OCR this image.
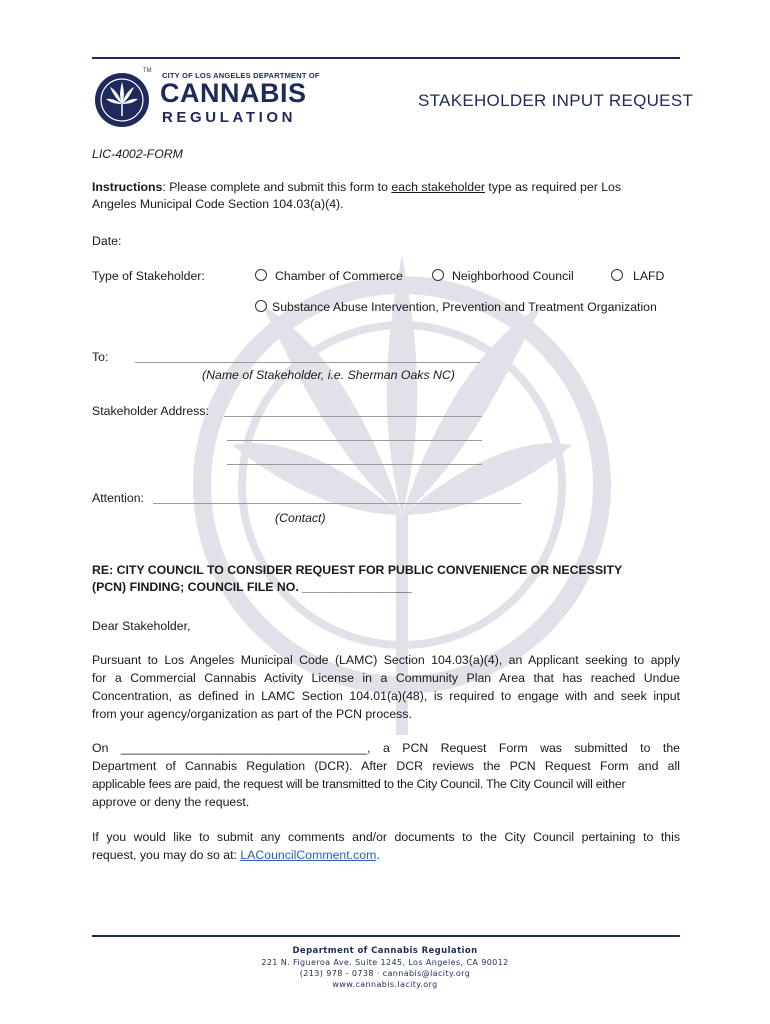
TM CITY OF LOS ANGELES DEPARTMENT OF
CANNABIS
REGULATION
STAKEHOLDER INPUT REQUEST
LIC-4002-FORM
Instructions: Please complete and submit this form to each stakeholder type as required per Los
Angeles Municipal Code Section 104.03(a)(4).
Date:
Type of Stakeholder:	Chamber of Commerce	Neighborhood Council	LAFD
Substance Abuse Intervention, Prevention and Treatment Organization
To:
(Name of Stakeholder, i.e. Sherman Oaks NC)
Stakeholder Address:
Attention:
(Contact)
RE: CITY COUNCIL TO CONSIDER REQUEST FOR PUBLIC CONVENIENCE OR NECESSITY
(PCN) FINDING; COUNCIL FILE NO. ________________
Dear Stakeholder,
Pursuant to Los Angeles Municipal Code (LAMC) Section 104.03(a)(4), an Applicant seeking to apply
for a Commercial Cannabis Activity License in a Community Plan Area that has reached Undue
Concentration, as defined in LAMC Section 104.01(a)(48), is required to engage with and seek input
from your agency/organization as part of the PCN process.
On ____________________________________, a PCN Request Form was submitted to the
Department of Cannabis Regulation (DCR). After DCR reviews the PCN Request Form and all
applicable fees are paid, the request will be transmitted to the City Council. The City Council will either
approve or deny the request.
If you would like to submit any comments and/or documents to the City Council pertaining to this
request, you may do so at: LACouncilComment.com.
Department of Cannabis Regulation
221 N. Figueroa Ave. Suite 1245, Los Angeles, CA 90012
(213) 978 - 0738 · cannabis@lacity.org
www.cannabis.lacity.org
